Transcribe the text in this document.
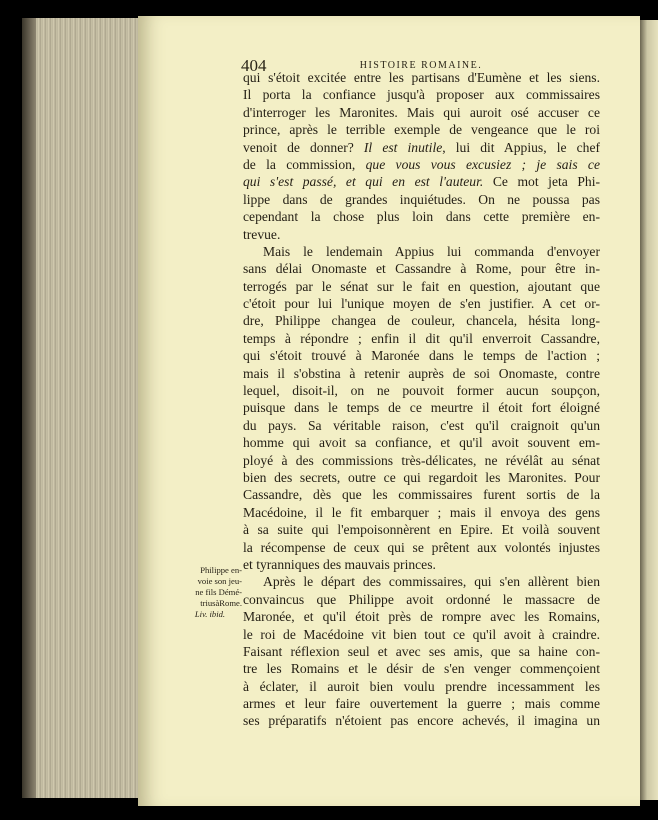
404	HISTOIRE ROMAINE.
qui s'étoit excitée entre les partisans d'Eumène et les siens.
Il porta la confiance jusqu'à proposer aux commissaires
d'interroger les Maronites. Mais qui auroit osé accuser ce
prince, après le terrible exemple de vengeance que le roi
venoit de donner? Il est inutile, lui dit Appius, le chef
de la commission, que vous vous excusiez ; je sais ce
qui s'est passé, et qui en est l'auteur. Ce mot jeta Phi-
lippe dans de grandes inquiétudes. On ne poussa pas
cependant la chose plus loin dans cette première en-
trevue.
Mais le lendemain Appius lui commanda d'envoyer
sans délai Onomaste et Cassandre à Rome, pour être in-
terrogés par le sénat sur le fait en question, ajoutant que
c'étoit pour lui l'unique moyen de s'en justifier. A cet or-
dre, Philippe changea de couleur, chancela, hésita long-
temps à répondre ; enfin il dit qu'il enverroit Cassandre,
qui s'étoit trouvé à Maronée dans le temps de l'action ;
mais il s'obstina à retenir auprès de soi Onomaste, contre
lequel, disoit-il, on ne pouvoit former aucun soupçon,
puisque dans le temps de ce meurtre il étoit fort éloigné
du pays. Sa véritable raison, c'est qu'il craignoit qu'un
homme qui avoit sa confiance, et qu'il avoit souvent em-
ployé à des commissions très-délicates, ne révélât au sénat
bien des secrets, outre ce qui regardoit les Maronites. Pour
Cassandre, dès que les commissaires furent sortis de la
Macédoine, il le fit embarquer ; mais il envoya des gens
à sa suite qui l'empoisonnèrent en Epire. Et voilà souvent
la récompense de ceux qui se prêtent aux volontés injustes
et tyranniques des mauvais princes.
Après le départ des commissaires, qui s'en allèrent bien
convaincus que Philippe avoit ordonné le massacre de
Maronée, et qu'il étoit près de rompre avec les Romains,
le roi de Macédoine vit bien tout ce qu'il avoit à craindre.
Faisant réflexion seul et avec ses amis, que sa haine con-
tre les Romains et le désir de s'en venger commençoient
à éclater, il auroit bien voulu prendre incessamment les
armes et leur faire ouvertement la guerre ; mais comme
ses préparatifs n'étoient pas encore achevés, il imagina un
Philippe en-
voie son jeu-
ne fils Démé-
triusàRome.
Liv. ibid.
